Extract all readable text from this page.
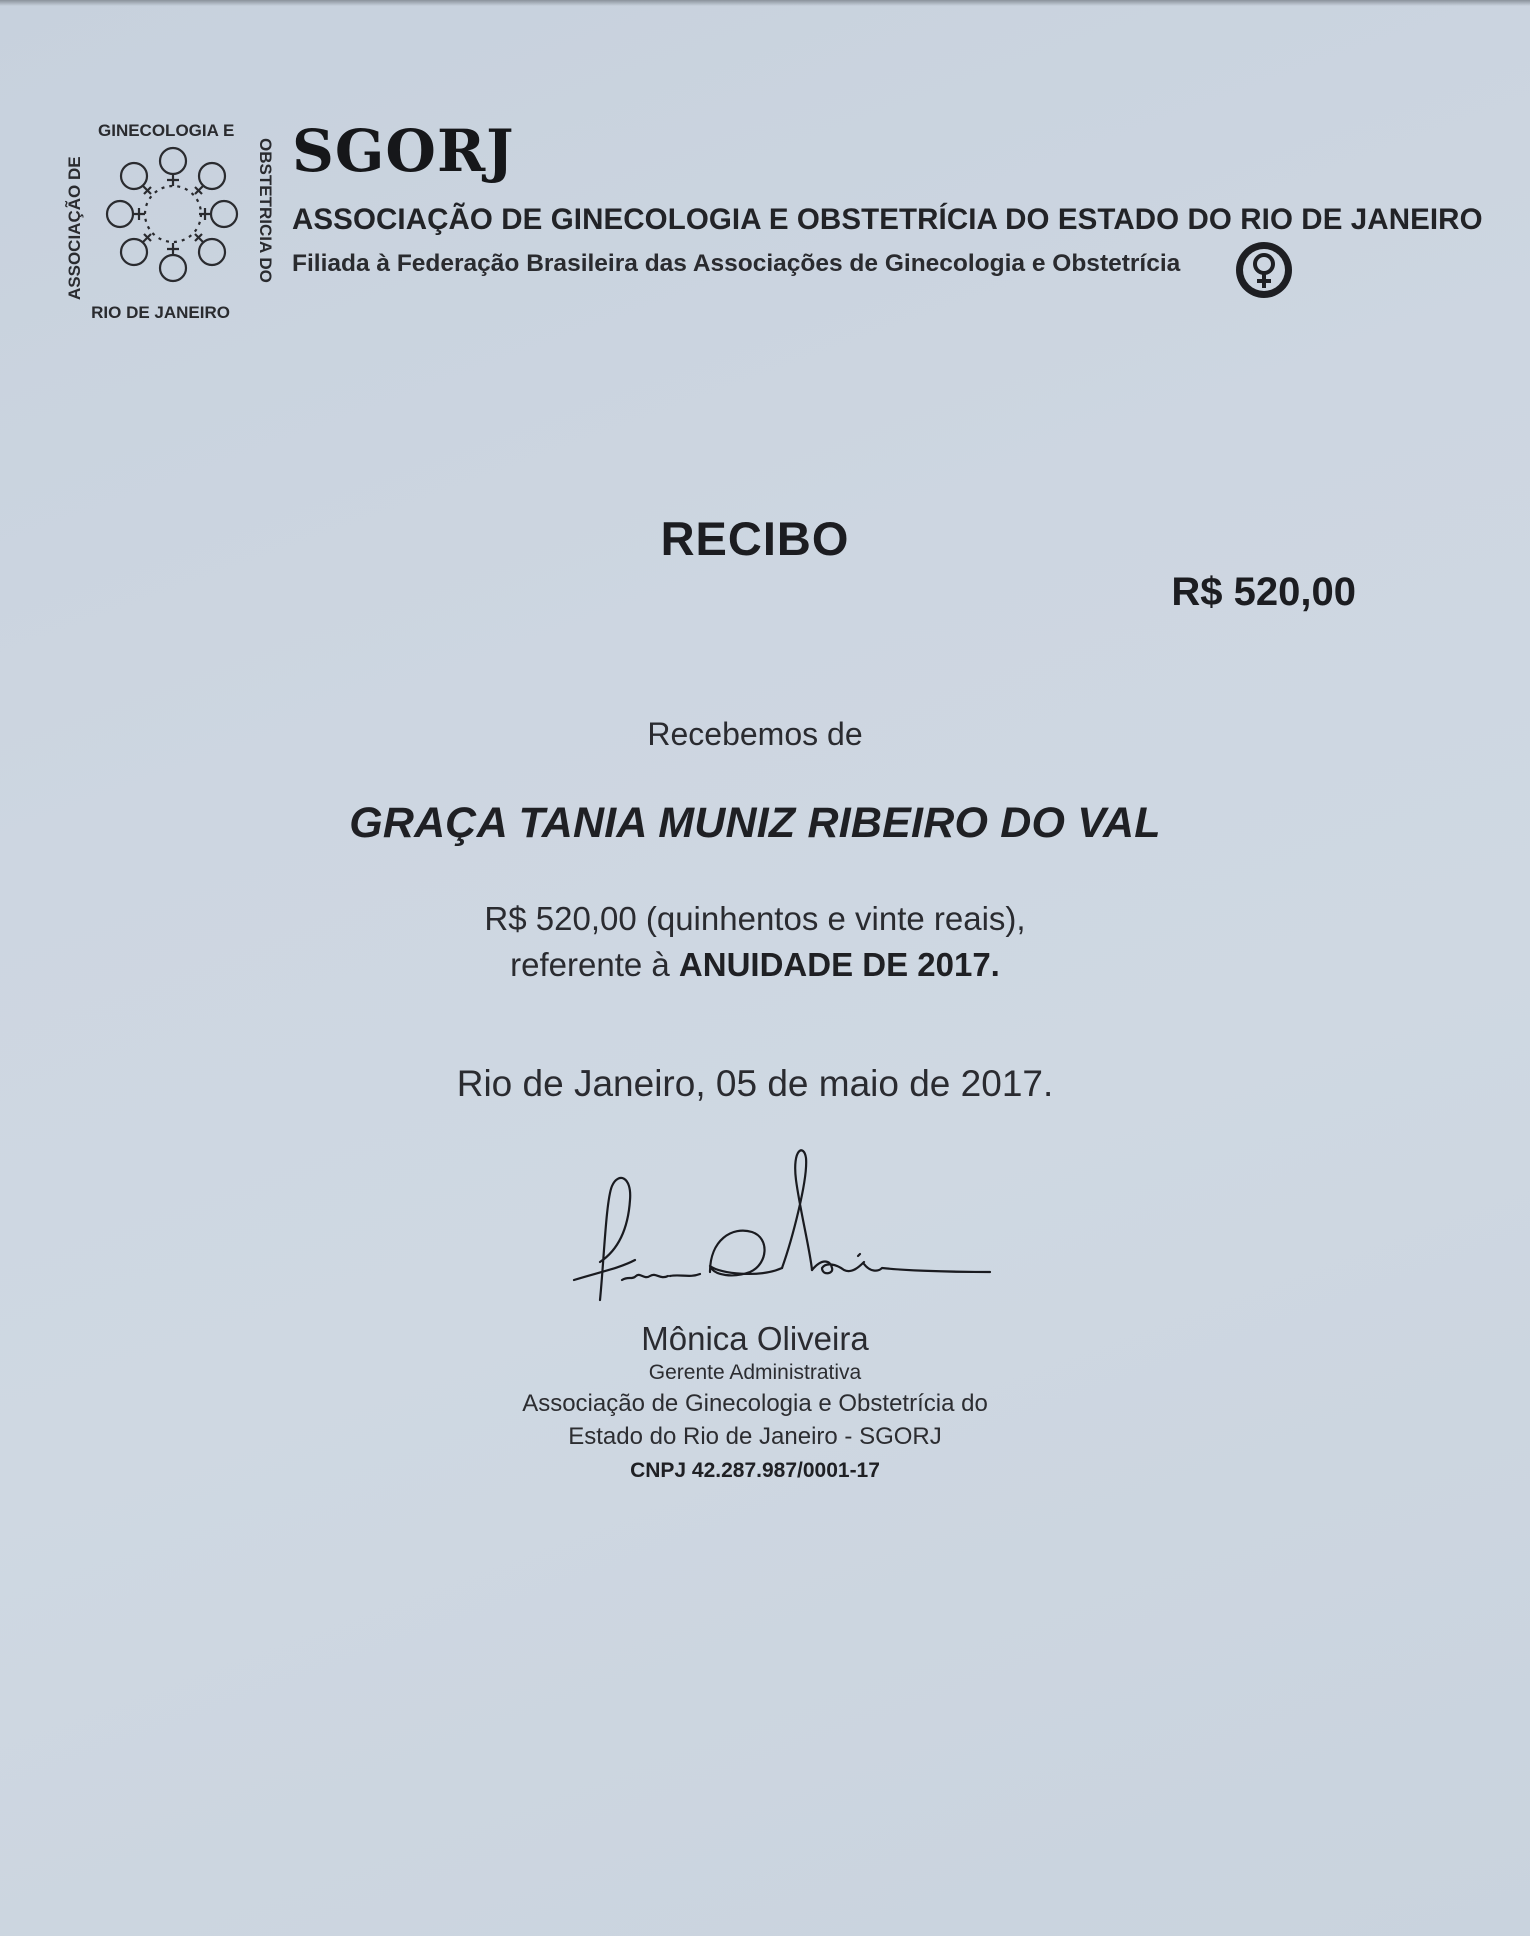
GINECOLOGIA E
RIO DE JANEIRO
ASSOCIAÇÃO DE	OBSTETRICIA DO SGORJ
ASSOCIAÇÃO DE GINECOLOGIA E OBSTETRÍCIA DO ESTADO DO RIO DE JANEIRO
Filiada à Federação Brasileira das Associações de Ginecologia e Obstetrícia
RECIBO
R$ 520,00
Recebemos de
GRAÇA TANIA MUNIZ RIBEIRO DO VAL
R$ 520,00 (quinhentos e vinte reais),
referente à ANUIDADE DE 2017.
Rio de Janeiro, 05 de maio de 2017.
Mônica Oliveira
Gerente Administrativa
Associação de Ginecologia e Obstetrícia do
Estado do Rio de Janeiro - SGORJ
CNPJ 42.287.987/0001-17
